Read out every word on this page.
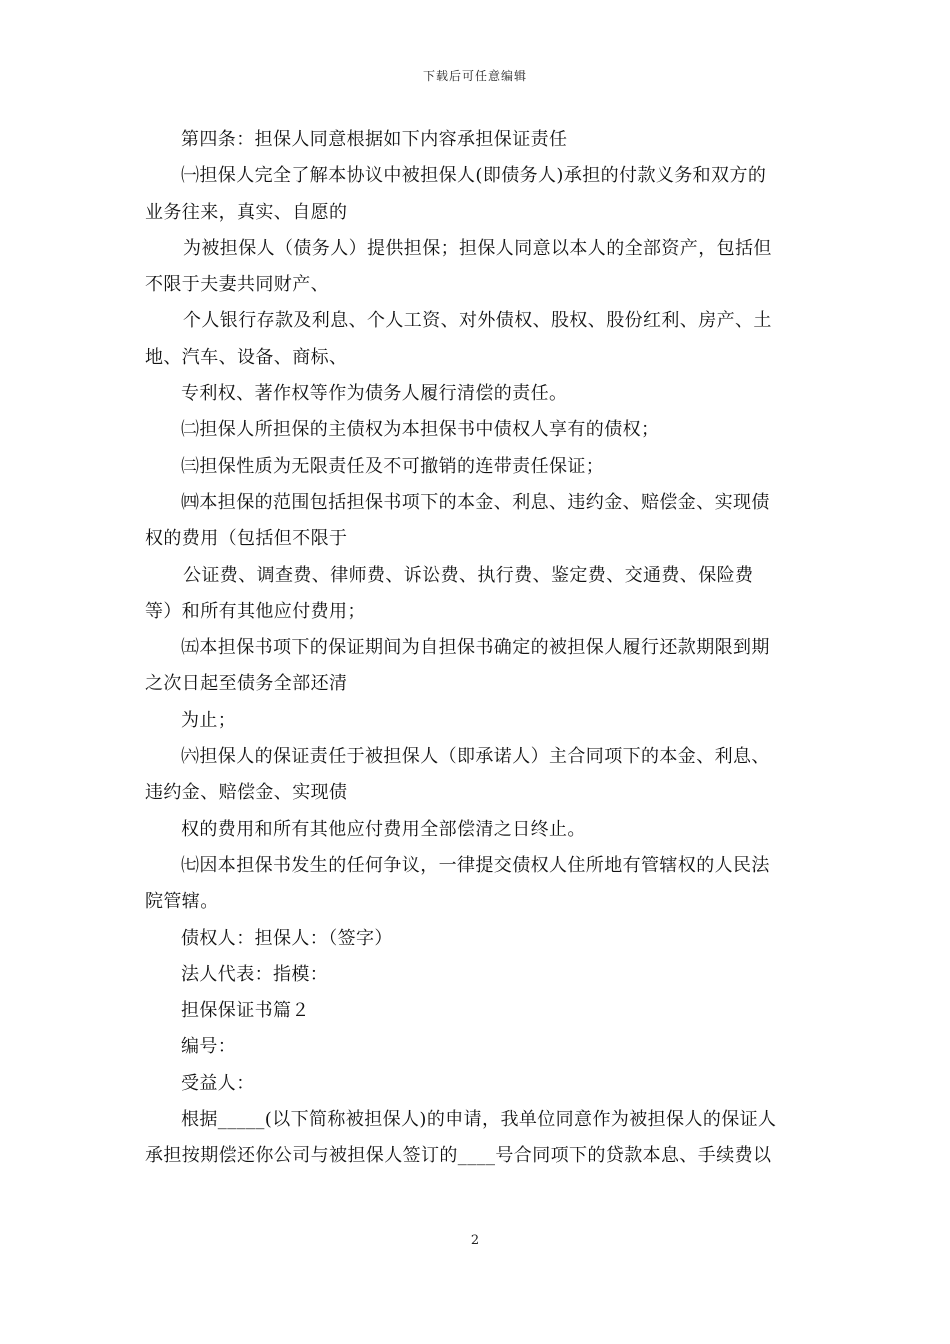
下载后可任意编辑

第四条：担保人同意根据如下内容承担保证责任

㈠担保人完全了解本协议中被担保人(即债务人)承担的付款义务和双方的

业务往来，真实、自愿的

为被担保人（债务人）提供担保；担保人同意以本人的全部资产，包括但

不限于夫妻共同财产、

个人银行存款及利息、个人工资、对外债权、股权、股份红利、房产、土

地、汽车、设备、商标、

专利权、著作权等作为债务人履行清偿的责任。

㈡担保人所担保的主债权为本担保书中债权人享有的债权；

㈢担保性质为无限责任及不可撤销的连带责任保证；

㈣本担保的范围包括担保书项下的本金、利息、违约金、赔偿金、实现债

权的费用（包括但不限于

公证费、调查费、律师费、诉讼费、执行费、鉴定费、交通费、保险费

等）和所有其他应付费用；

㈤本担保书项下的保证期间为自担保书确定的被担保人履行还款期限到期

之次日起至债务全部还清

为止；

㈥担保人的保证责任于被担保人（即承诺人）主合同项下的本金、利息、

违约金、赔偿金、实现债

权的费用和所有其他应付费用全部偿清之日终止。

㈦因本担保书发生的任何争议，一律提交债权人住所地有管辖权的人民法

院管辖。

债权人：担保人：（签字）

法人代表：指模：

担保保证书篇２

编号：

受益人：

根据_____(以下简称被担保人)的申请，我单位同意作为被担保人的保证人

承担按期偿还你公司与被担保人签订的____号合同项下的贷款本息、手续费以

2
